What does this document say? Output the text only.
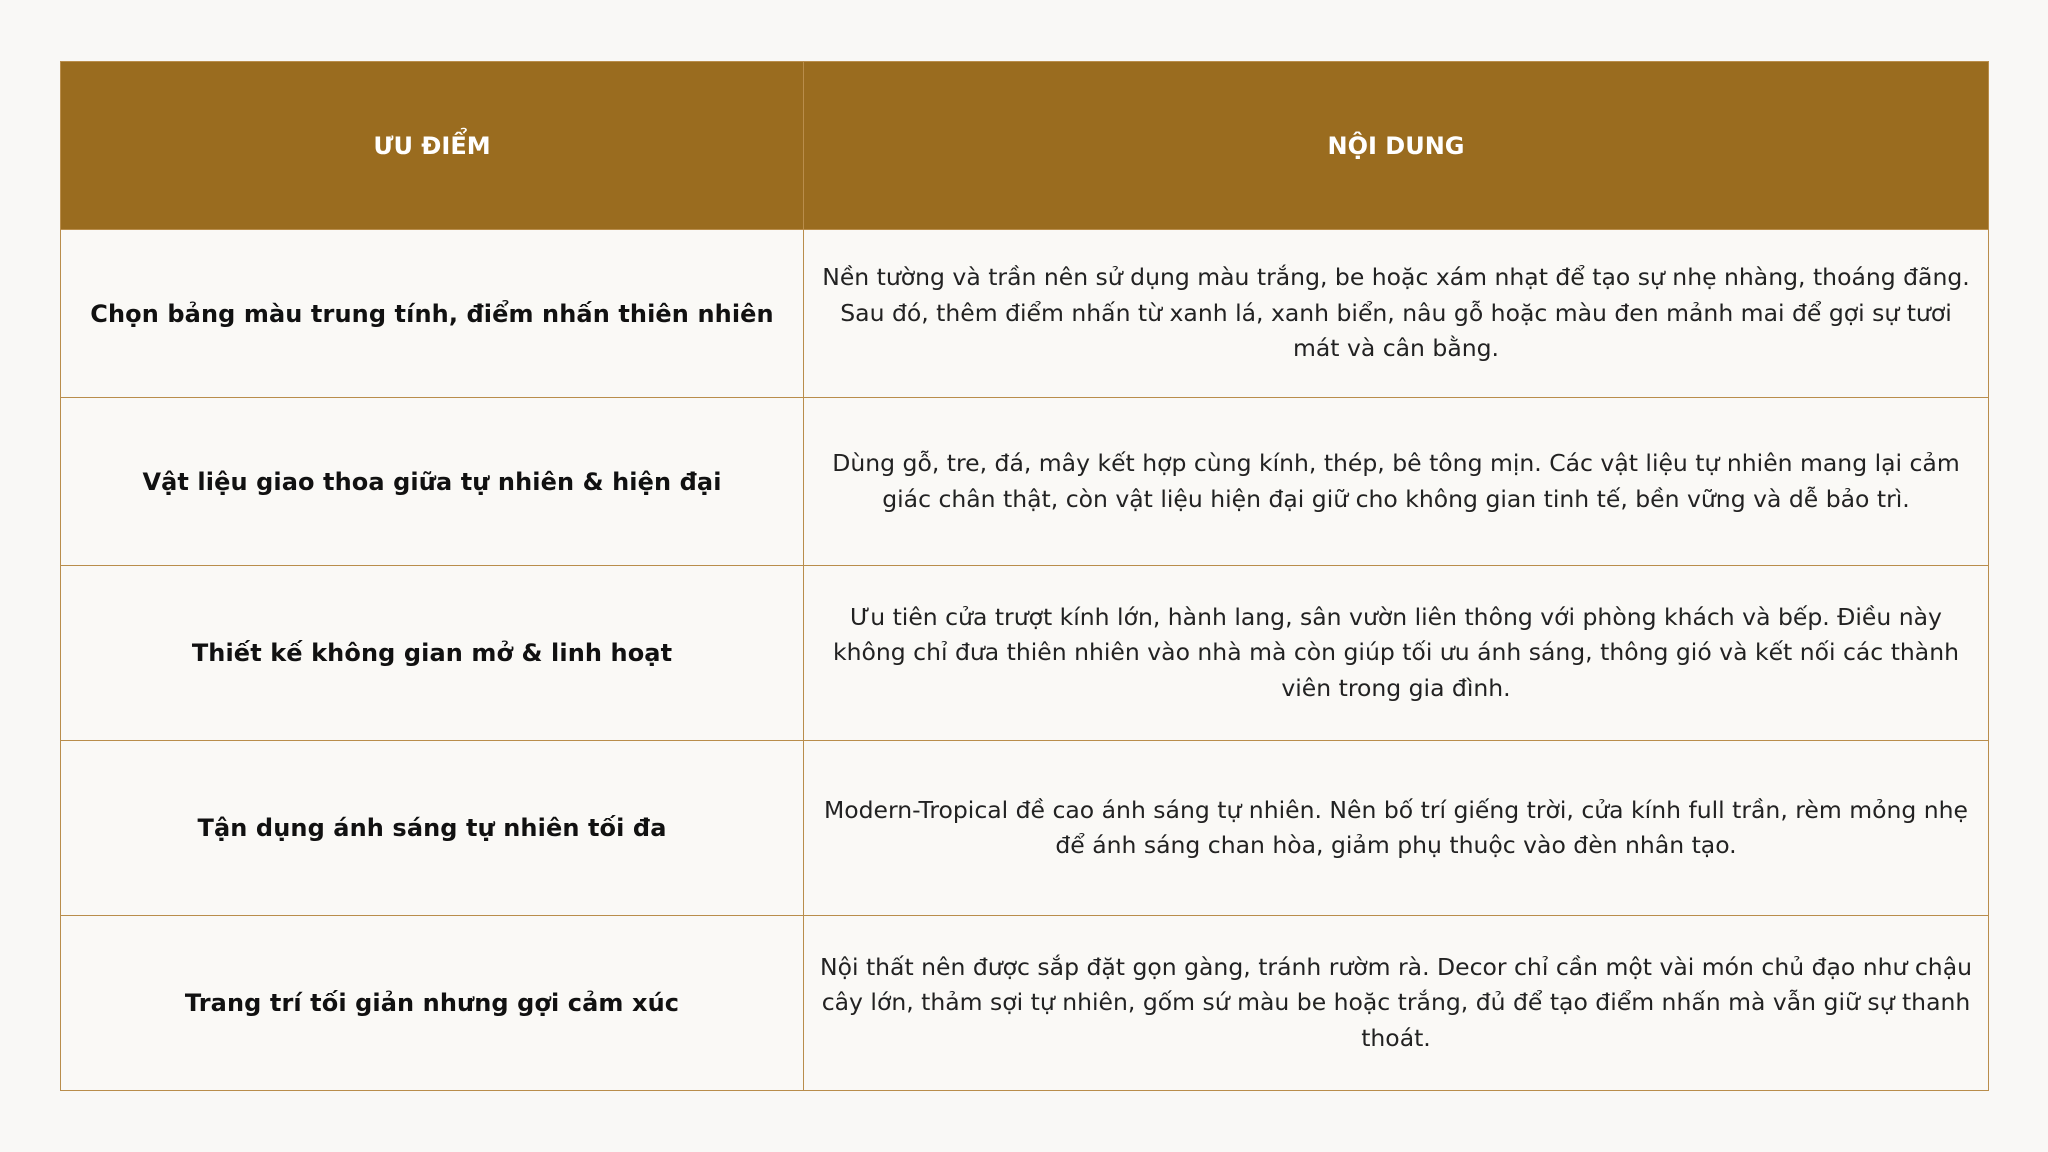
ƯU ĐIỂM	NỘI DUNG
Chọn bảng màu trung tính, điểm nhấn thiên nhiên	Nền tường và trần nên sử dụng màu trắng, be hoặc xám nhạt để tạo sự nhẹ nhàng, thoáng đãng. Sau đó, thêm điểm nhấn từ xanh lá, xanh biển, nâu gỗ hoặc màu đen mảnh mai để gợi sự tươi mát và cân bằng.
Vật liệu giao thoa giữa tự nhiên & hiện đại	Dùng gỗ, tre, đá, mây kết hợp cùng kính, thép, bê tông mịn. Các vật liệu tự nhiên mang lại cảm giác chân thật, còn vật liệu hiện đại giữ cho không gian tinh tế, bền vững và dễ bảo trì.
Thiết kế không gian mở & linh hoạt	Ưu tiên cửa trượt kính lớn, hành lang, sân vườn liên thông với phòng khách và bếp. Điều này không chỉ đưa thiên nhiên vào nhà mà còn giúp tối ưu ánh sáng, thông gió và kết nối các thành viên trong gia đình.
Tận dụng ánh sáng tự nhiên tối đa	Modern-Tropical đề cao ánh sáng tự nhiên. Nên bố trí giếng trời, cửa kính full trần, rèm mỏng nhẹ để ánh sáng chan hòa, giảm phụ thuộc vào đèn nhân tạo.
Trang trí tối giản nhưng gợi cảm xúc	Nội thất nên được sắp đặt gọn gàng, tránh rườm rà. Decor chỉ cần một vài món chủ đạo như chậu cây lớn, thảm sợi tự nhiên, gốm sứ màu be hoặc trắng, đủ để tạo điểm nhấn mà vẫn giữ sự thanh thoát.
